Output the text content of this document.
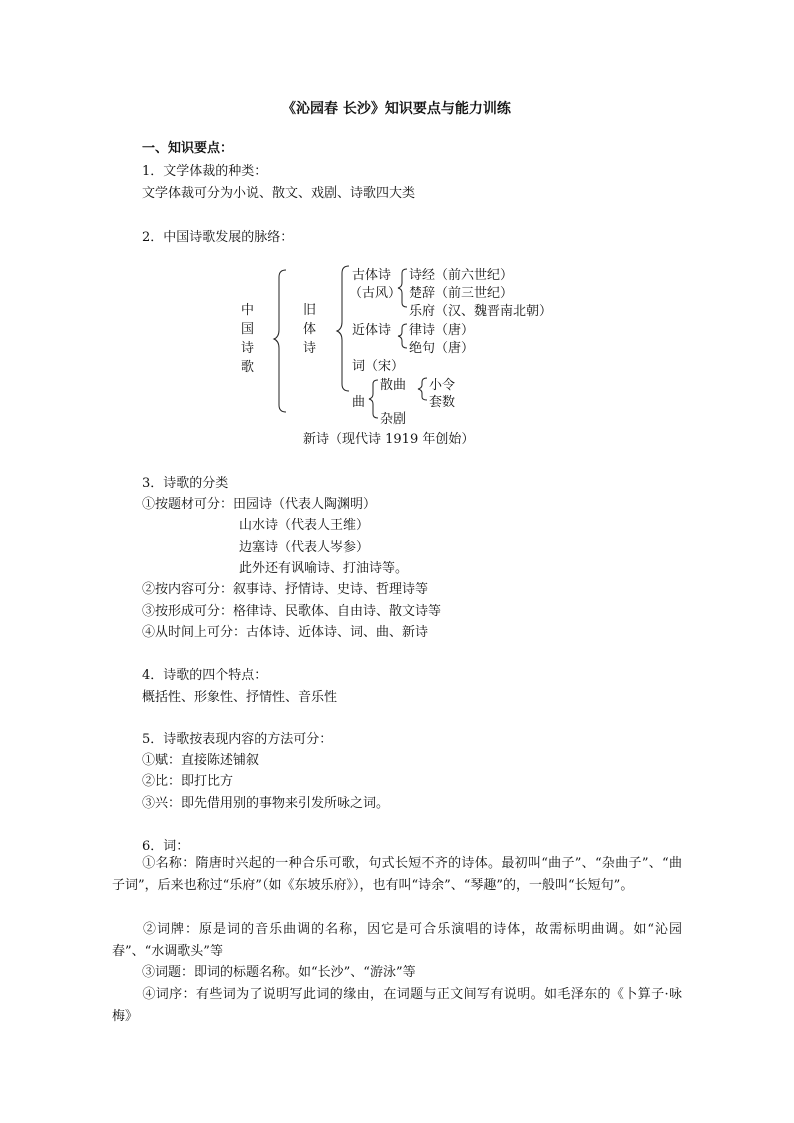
《沁园春 长沙》知识要点与能力训练
一、知识要点：
1．文学体裁的种类：
文学体裁可分为小说、散文、戏剧、诗歌四大类
2．中国诗歌发展的脉络：
中
国
诗
歌
旧
体
诗
古体诗
（古风）
诗经（前六世纪）
楚辞（前三世纪）
乐府（汉、魏晋南北朝）
近体诗 律诗（唐）
绝句（唐）
词（宋）
曲
散曲 小令
套数
杂剧
新诗（现代诗 1919 年创始）
3．诗歌的分类
①按题材可分：田园诗（代表人陶渊明）
山水诗（代表人王维）
边塞诗（代表人岑参）
此外还有讽喻诗、打油诗等。
②按内容可分：叙事诗、抒情诗、史诗、哲理诗等
③按形成可分：格律诗、民歌体、自由诗、散文诗等
④从时间上可分：古体诗、近体诗、词、曲、新诗
4．诗歌的四个特点：
概括性、形象性、抒情性、音乐性
5．诗歌按表现内容的方法可分：
①赋：直接陈述铺叙
②比：即打比方
③兴：即先借用别的事物来引发所咏之词。
6．词：
①名称：隋唐时兴起的一种合乐可歌，句式长短不齐的诗体。最初叫“曲子”、“杂曲子”、“曲子词”，后来也称过“乐府”（如《东坡乐府》），也有叫“诗余”、“琴趣”的，一般叫“长短句”。
②词牌：原是词的音乐曲调的名称，因它是可合乐演唱的诗体，故需标明曲调。如“沁园春”、“水调歌头”等
③词题：即词的标题名称。如“长沙”、“游泳”等
④词序：有些词为了说明写此词的缘由，在词题与正文间写有说明。如毛泽东的《卜算子·咏梅》
